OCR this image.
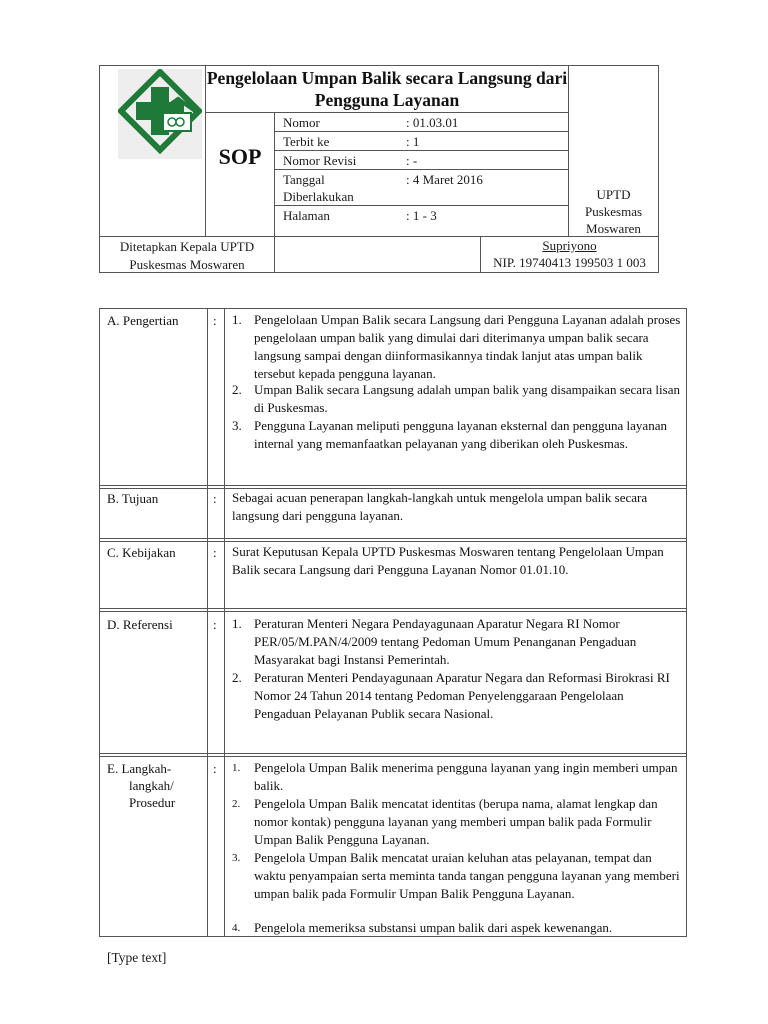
Pengelolaan Umpan Balik secara Langsung dari Pengguna Layanan
SOP
Nomor	: 01.03.01
Terbit ke	: 1
Nomor Revisi	: -
Tanggal Diberlakukan
: 4 Maret 2016
Halaman	: 1 - 3
UPTD
Puskesmas
Moswaren
Ditetapkan Kepala UPTD
Puskesmas Moswaren
Supriyono
NIP. 19740413 199503 1 003
A. Pengertian	: 1. Pengelolaan Umpan Balik secara Langsung dari Pengguna Layanan adalah proses pengelolaan umpan balik yang dimulai dari diterimanya umpan balik secara langsung sampai dengan diinformasikannya tindak lanjut atas umpan balik tersebut kepada pengguna layanan.
2. Umpan Balik secara Langsung adalah umpan balik yang disampaikan secara lisan di Puskesmas.
3. Pengguna Layanan meliputi pengguna layanan eksternal dan pengguna layanan internal yang memanfaatkan pelayanan yang diberikan oleh Puskesmas.
B. Tujuan	: Sebagai acuan penerapan langkah-langkah untuk mengelola umpan balik secara langsung dari pengguna layanan.
C. Kebijakan	: Surat Keputusan Kepala UPTD Puskesmas Moswaren tentang Pengelolaan Umpan Balik secara Langsung dari Pengguna Layanan Nomor 01.01.10.
D. Referensi	: 1. Peraturan Menteri Negara Pendayagunaan Aparatur Negara RI Nomor PER/05/M.PAN/4/2009 tentang Pedoman Umum Penanganan Pengaduan Masyarakat bagi Instansi Pemerintah.
2. Peraturan Menteri Pendayagunaan Aparatur Negara dan Reformasi Birokrasi RI Nomor 24 Tahun 2014 tentang Pedoman Penyelenggaraan Pengelolaan Pengaduan Pelayanan Publik secara Nasional.
E. Langkah-
langkah/
Prosedur
: 1.	Pengelola Umpan Balik menerima pengguna layanan yang ingin memberi umpan balik.
2.	Pengelola Umpan Balik mencatat identitas (berupa nama, alamat lengkap dan nomor kontak) pengguna layanan yang memberi umpan balik pada Formulir Umpan Balik Pengguna Layanan.
3.	Pengelola Umpan Balik mencatat uraian keluhan atas pelayanan, tempat dan waktu penyampaian serta meminta tanda tangan pengguna layanan yang memberi umpan balik pada Formulir Umpan Balik Pengguna Layanan.
4.	Pengelola memeriksa substansi umpan balik dari aspek kewenangan.
[Type text]
